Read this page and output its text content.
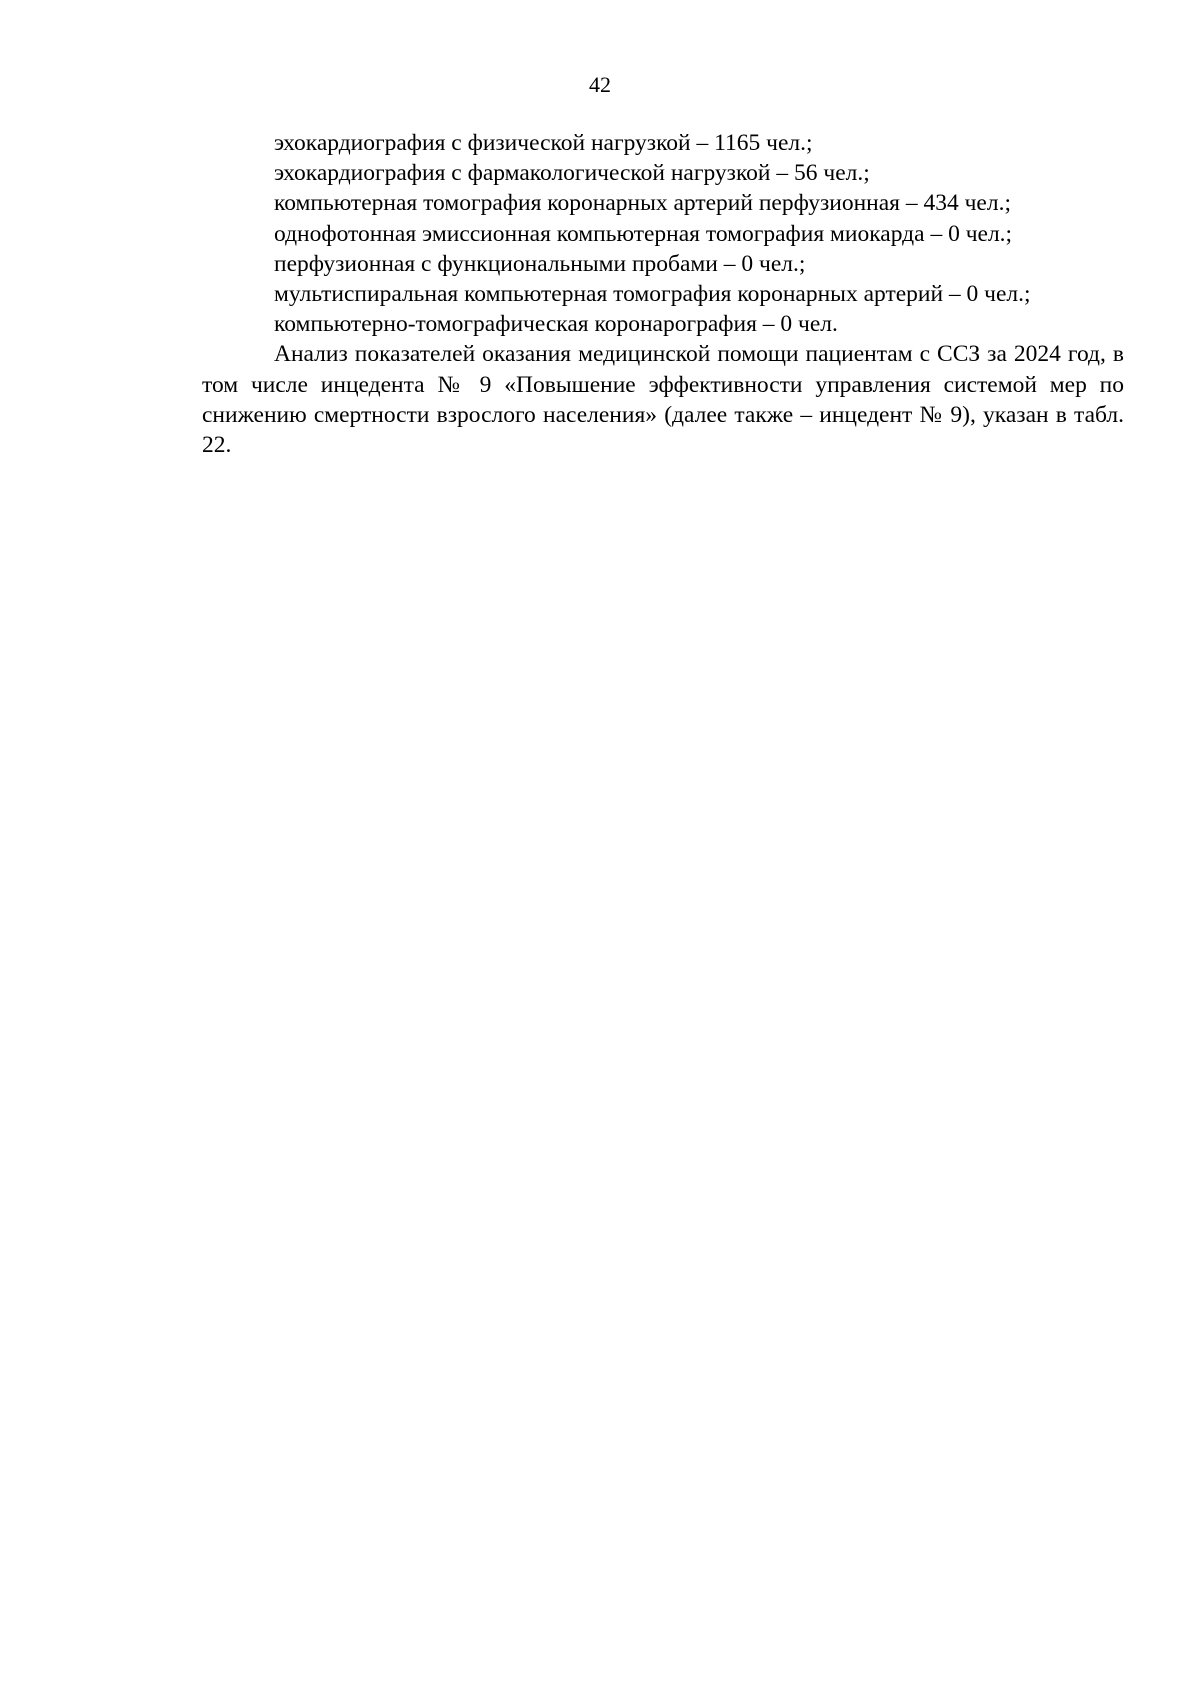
42

эхокардиография с физической нагрузкой – 1165 чел.;

эхокардиография с фармакологической нагрузкой – 56 чел.;

компьютерная томография коронарных артерий перфузионная – 434 чел.;

однофотонная эмиссионная компьютерная томография миокарда – 0 чел.;

перфузионная с функциональными пробами – 0 чел.;

мультиспиральная компьютерная томография коронарных артерий – 0 чел.;

компьютерно-томографическая коронарография – 0 чел.

Анализ показателей оказания медицинской помощи пациентам с ССЗ за 2024 год, в том числе инцедента № 9 «Повышение эффективности управления системой мер по снижению смертности взрослого населения» (далее также – инцедент № 9), указан в табл. 22.
